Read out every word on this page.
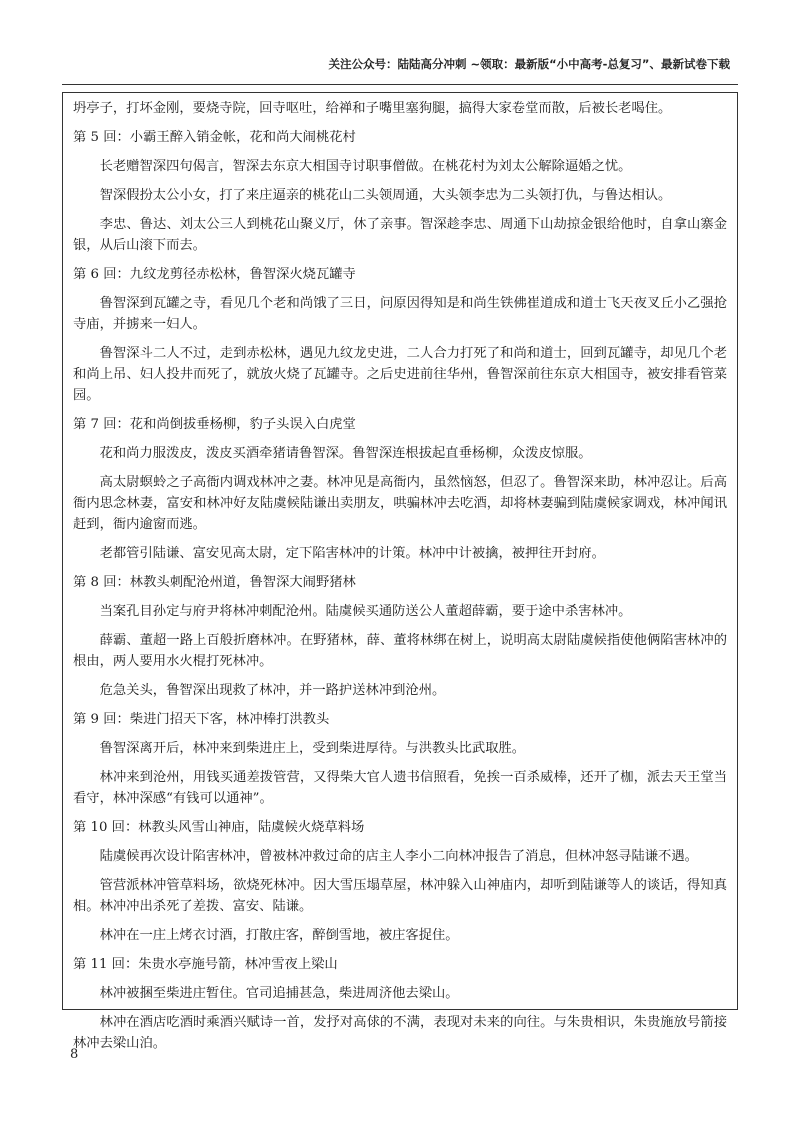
关注公众号：陆陆高分冲刺 ~领取：最新版“小中高考-总复习”、最新试卷下载

坍亭子，打坏金刚，要烧寺院，回寺呕吐，给禅和子嘴里塞狗腿，搞得大家卷堂而散，后被长老喝住。

第 5 回：小霸王醉入销金帐，花和尚大闹桃花村

长老赠智深四句偈言，智深去东京大相国寺讨职事僧做。在桃花村为刘太公解除逼婚之忧。

智深假扮太公小女，打了来庄逼亲的桃花山二头领周通，大头领李忠为二头领打仇，与鲁达相认。

李忠、鲁达、刘太公三人到桃花山聚义厅，休了亲事。智深趁李忠、周通下山劫掠金银给他时，自拿山寨金银，从后山滚下而去。

第 6 回：九纹龙剪径赤松林，鲁智深火烧瓦罐寺

鲁智深到瓦罐之寺，看见几个老和尚饿了三日，问原因得知是和尚生铁佛崔道成和道士飞天夜叉丘小乙强抢寺庙，并掳来一妇人。

鲁智深斗二人不过，走到赤松林，遇见九纹龙史进，二人合力打死了和尚和道士，回到瓦罐寺，却见几个老和尚上吊、妇人投井而死了，就放火烧了瓦罐寺。之后史进前往华州，鲁智深前往东京大相国寺，被安排看管菜园。

第 7 回：花和尚倒拔垂杨柳，豹子头误入白虎堂

花和尚力服泼皮，泼皮买酒牵猪请鲁智深。鲁智深连根拔起直垂杨柳，众泼皮惊服。

高太尉螟蛉之子高衙内调戏林冲之妻。林冲见是高衙内，虽然恼怒，但忍了。鲁智深来助，林冲忍让。后高衙内思念林妻，富安和林冲好友陆虞候陆谦出卖朋友，哄骗林冲去吃酒，却将林妻骗到陆虞候家调戏，林冲闻讯赶到，衙内逾窗而逃。

老都管引陆谦、富安见高太尉，定下陷害林冲的计策。林冲中计被擒，被押往开封府。

第 8 回：林教头刺配沧州道，鲁智深大闹野猪林

当案孔目孙定与府尹将林冲刺配沧州。陆虞候买通防送公人董超薛霸，要于途中杀害林冲。

薛霸、董超一路上百般折磨林冲。在野猪林，薛、董将林绑在树上，说明高太尉陆虞候指使他俩陷害林冲的根由，两人要用水火棍打死林冲。

危急关头，鲁智深出现救了林冲，并一路护送林冲到沧州。

第 9 回：柴进门招天下客，林冲棒打洪教头

鲁智深离开后，林冲来到柴进庄上，受到柴进厚待。与洪教头比武取胜。

林冲来到沧州，用钱买通差拨管营，又得柴大官人遗书信照看，免挨一百杀威棒，还开了枷，派去天王堂当看守，林冲深感“有钱可以通神”。

第 10 回：林教头风雪山神庙，陆虞候火烧草料场

陆虞候再次设计陷害林冲，曾被林冲救过命的店主人李小二向林冲报告了消息，但林冲怒寻陆谦不遇。

管营派林冲管草料场，欲烧死林冲。因大雪压塌草屋，林冲躲入山神庙内，却听到陆谦等人的谈话，得知真相。林冲冲出杀死了差拨、富安、陆谦。

林冲在一庄上烤衣讨酒，打散庄客，醉倒雪地，被庄客捉住。

第 11 回：朱贵水亭施号箭，林冲雪夜上梁山

林冲被捆至柴进庄暂住。官司追捕甚急，柴进周济他去梁山。

林冲在酒店吃酒时乘酒兴赋诗一首，发抒对高俅的不满，表现对未来的向往。与朱贵相识，朱贵施放号箭接林冲去梁山泊。

8
